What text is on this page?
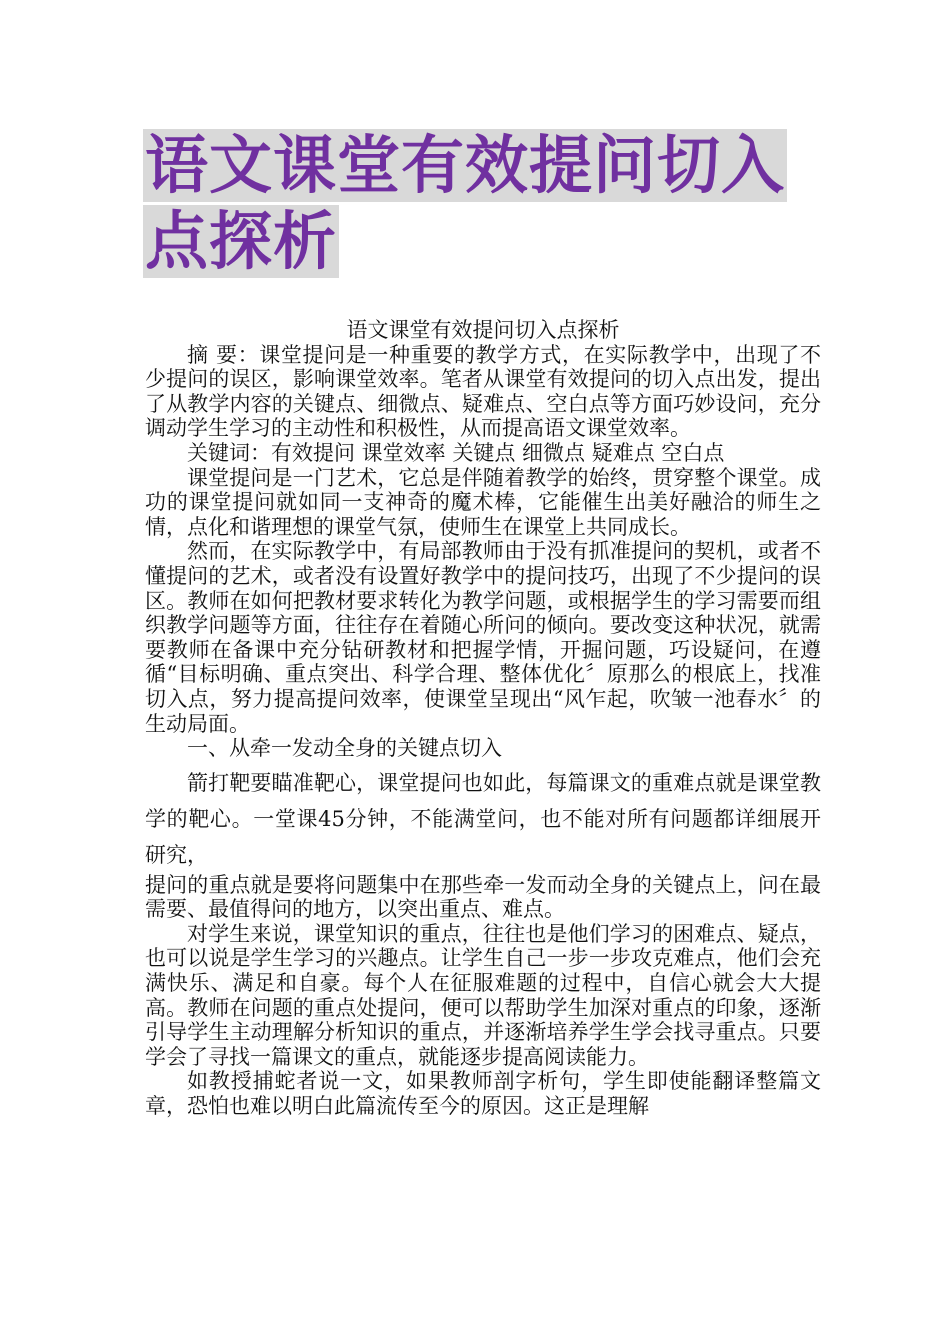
语文课堂有效提问切入点探析

语文课堂有效提问切入点探析

摘 要：课堂提问是一种重要的教学方式，在实际教学中，出现了不少提问的误区，影响课堂效率。笔者从课堂有效提问的切入点出发，提出了从教学内容的关键点、细微点、疑难点、空白点等方面巧妙设问，充分调动学生学习的主动性和积极性，从而提高语文课堂效率。

关键词：有效提问 课堂效率 关键点 细微点 疑难点 空白点

课堂提问是一门艺术，它总是伴随着教学的始终，贯穿整个课堂。成功的课堂提问就如同一支神奇的魔术棒，它能催生出美好融洽的师生之情，点化和谐理想的课堂气氛，使师生在课堂上共同成长。

然而，在实际教学中，有局部教师由于没有抓准提问的契机，或者不懂提问的艺术，或者没有设置好教学中的提问技巧，出现了不少提问的误区。教师在如何把教材要求转化为教学问题，或根据学生的学习需要而组织教学问题等方面，往往存在着随心所问的倾向。要改变这种状况，就需要教师在备课中充分钻研教材和把握学情，开掘问题，巧设疑问，在遵循“目标明确、重点突出、科学合理、整体优化〞原那么的根底上，找准切入点，努力提高提问效率，使课堂呈现出“风乍起，吹皱一池春水〞的生动局面。

一、从牵一发动全身的关键点切入

箭打靶要瞄准靶心，课堂提问也如此，每篇课文的重难点就是课堂教学的靶心。一堂课45分钟，不能满堂问，也不能对所有问题都详细展开研究，

提问的重点就是要将问题集中在那些牵一发而动全身的关键点上，问在最需要、最值得问的地方，以突出重点、难点。

对学生来说，课堂知识的重点，往往也是他们学习的困难点、疑点，也可以说是学生学习的兴趣点。让学生自己一步一步攻克难点，他们会充满快乐、满足和自豪。每个人在征服难题的过程中，自信心就会大大提高。教师在问题的重点处提问，便可以帮助学生加深对重点的印象，逐渐引导学生主动理解分析知识的重点，并逐渐培养学生学会找寻重点。只要学会了寻找一篇课文的重点，就能逐步提高阅读能力。

如教授捕蛇者说一文，如果教师剖字析句，学生即使能翻译整篇文章，恐怕也难以明白此篇流传至今的原因。这正是理解
